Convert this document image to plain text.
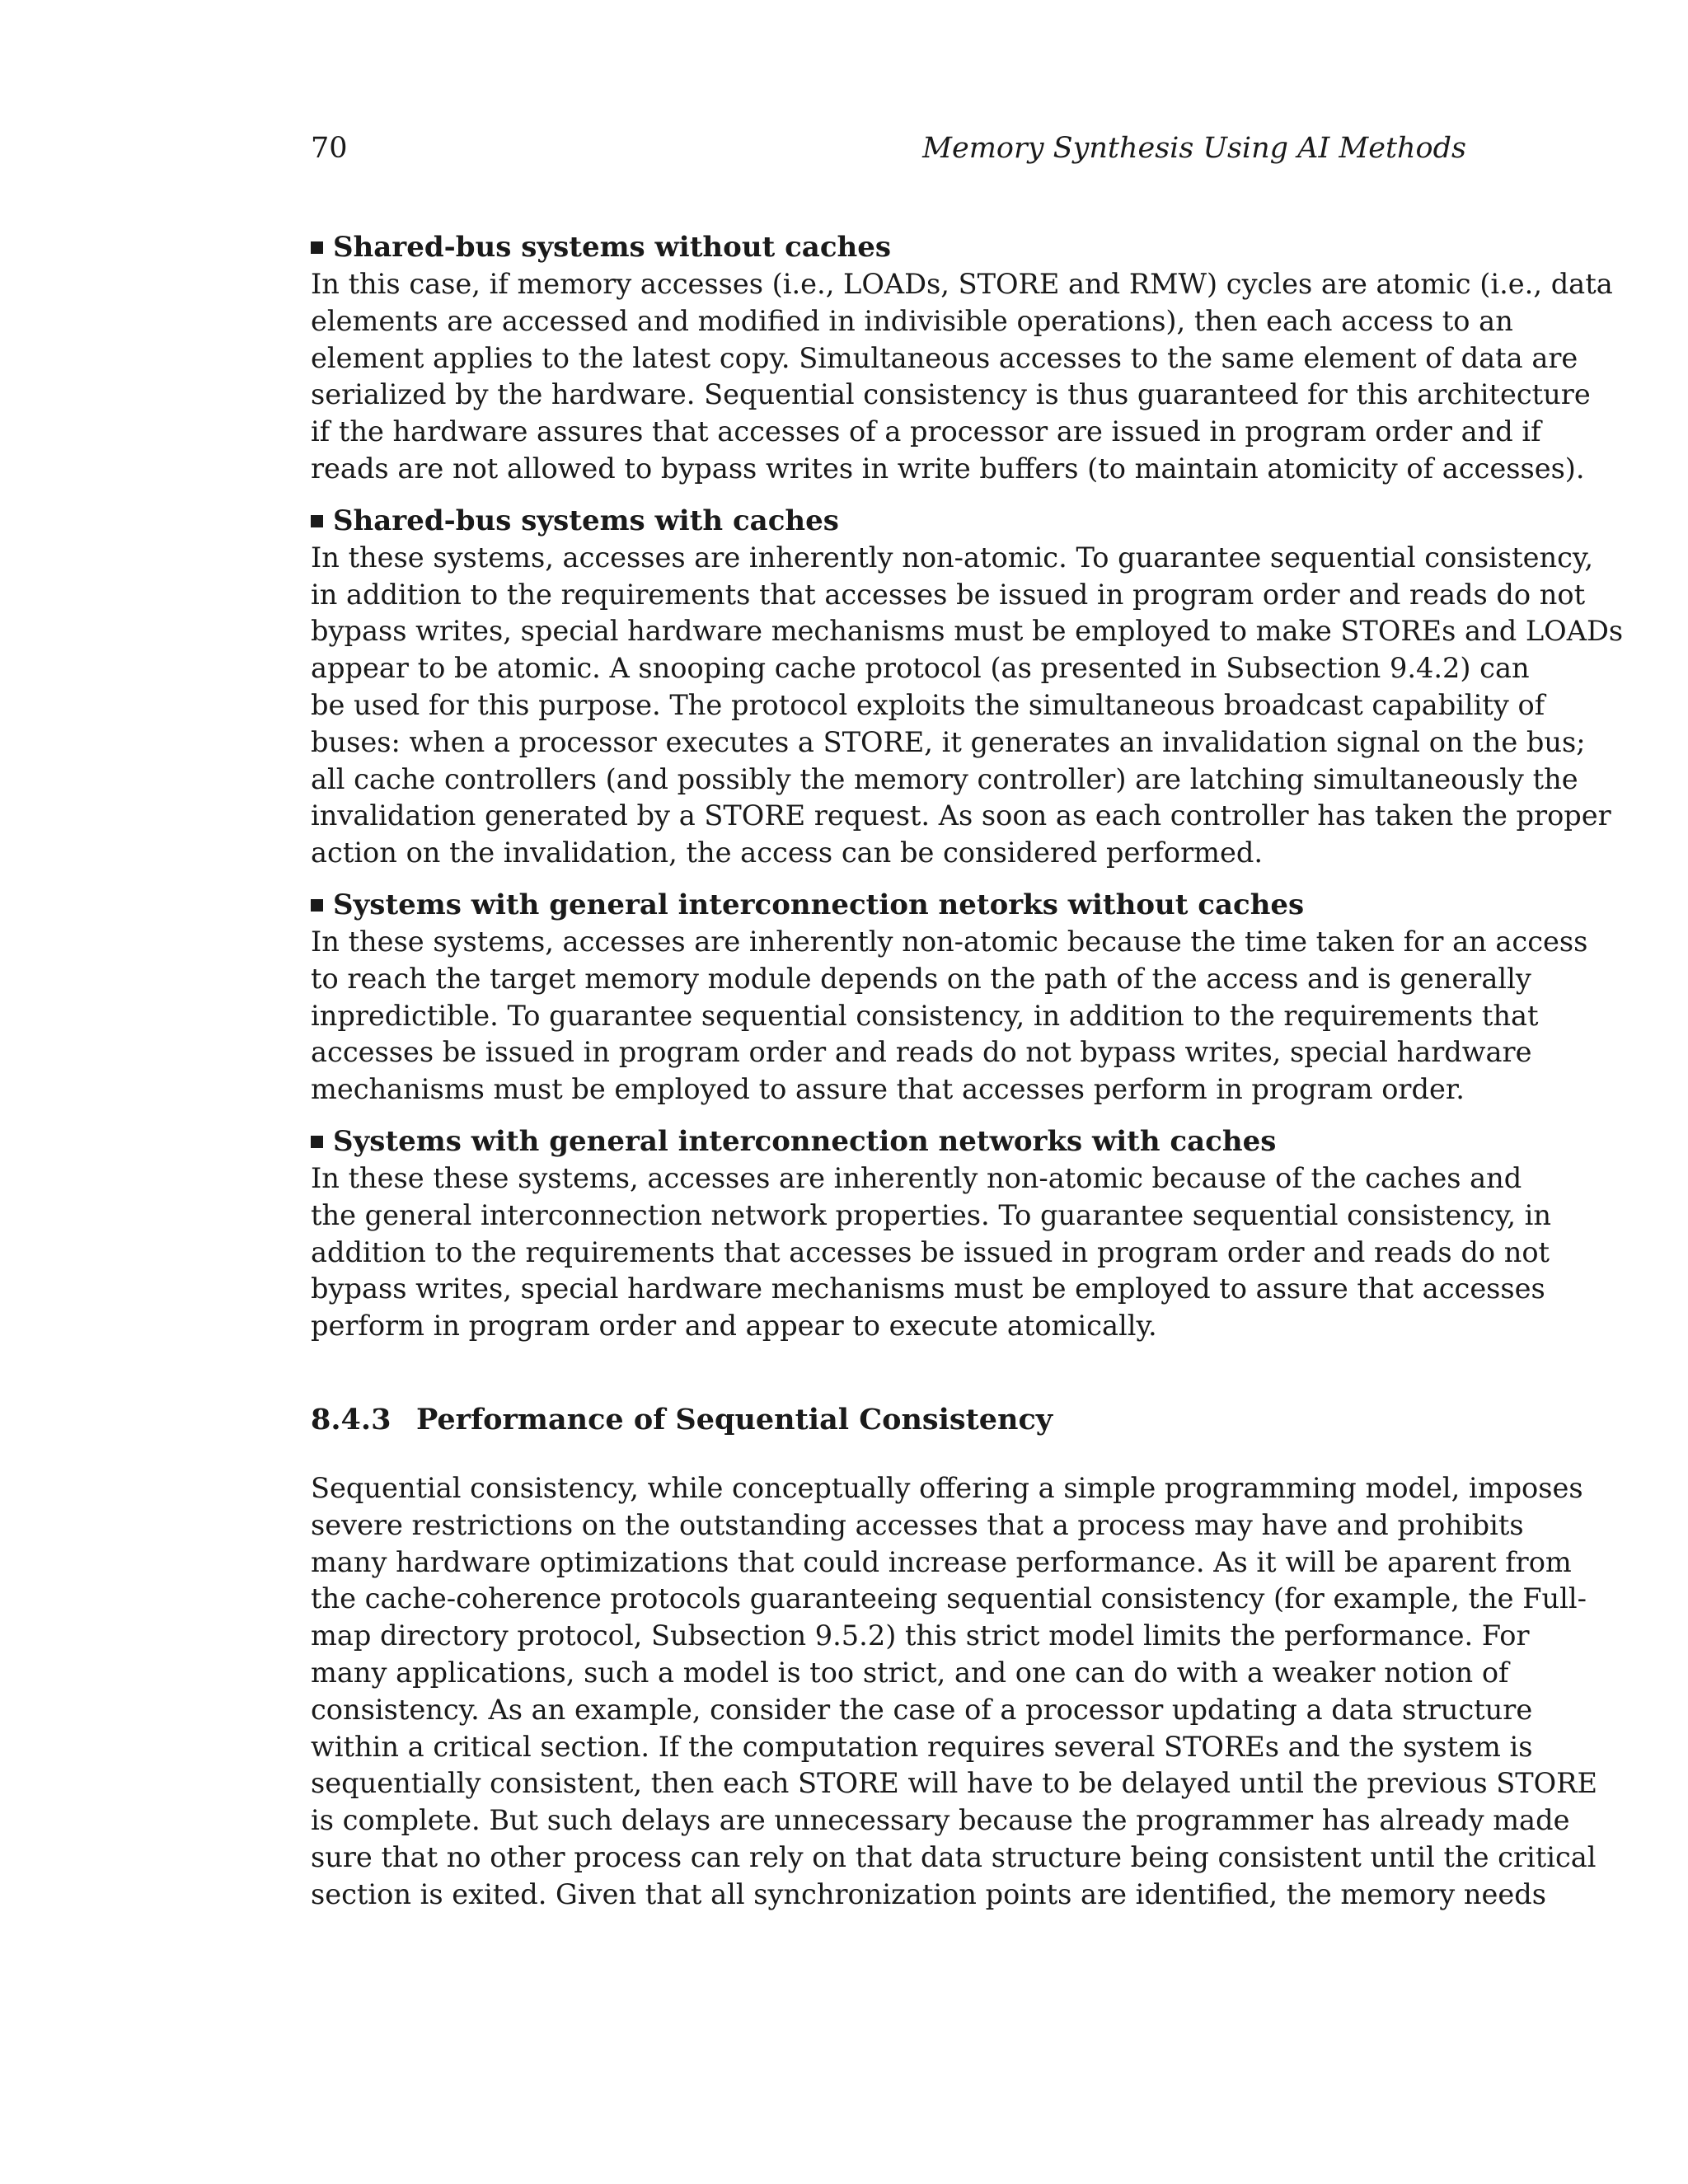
70	Memory Synthesis Using AI Methods
Shared-bus systems without caches
In this case, if memory accesses (i.e., LOADs, STORE and RMW) cycles are atomic (i.e., data
elements are accessed and modified in indivisible operations), then each access to an
element applies to the latest copy. Simultaneous accesses to the same element of data are
serialized by the hardware. Sequential consistency is thus guaranteed for this architecture
if the hardware assures that accesses of a processor are issued in program order and if
reads are not allowed to bypass writes in write buffers (to maintain atomicity of accesses).
Shared-bus systems with caches
In these systems, accesses are inherently non-atomic. To guarantee sequential consistency,
in addition to the requirements that accesses be issued in program order and reads do not
bypass writes, special hardware mechanisms must be employed to make STOREs and LOADs
appear to be atomic. A snooping cache protocol (as presented in Subsection 9.4.2) can
be used for this purpose. The protocol exploits the simultaneous broadcast capability of
buses: when a processor executes a STORE, it generates an invalidation signal on the bus;
all cache controllers (and possibly the memory controller) are latching simultaneously the
invalidation generated by a STORE request. As soon as each controller has taken the proper
action on the invalidation, the access can be considered performed.
Systems with general interconnection netorks without caches
In these systems, accesses are inherently non-atomic because the time taken for an access
to reach the target memory module depends on the path of the access and is generally
inpredictible. To guarantee sequential consistency, in addition to the requirements that
accesses be issued in program order and reads do not bypass writes, special hardware
mechanisms must be employed to assure that accesses perform in program order.
Systems with general interconnection networks with caches
In these these systems, accesses are inherently non-atomic because of the caches and
the general interconnection network properties. To guarantee sequential consistency, in
addition to the requirements that accesses be issued in program order and reads do not
bypass writes, special hardware mechanisms must be employed to assure that accesses
perform in program order and appear to execute atomically.
8.4.3 Performance of Sequential Consistency
Sequential consistency, while conceptually offering a simple programming model, imposes
severe restrictions on the outstanding accesses that a process may have and prohibits
many hardware optimizations that could increase performance. As it will be aparent from
the cache-coherence protocols guaranteeing sequential consistency (for example, the Full-
map directory protocol, Subsection 9.5.2) this strict model limits the performance. For
many applications, such a model is too strict, and one can do with a weaker notion of
consistency. As an example, consider the case of a processor updating a data structure
within a critical section. If the computation requires several STOREs and the system is
sequentially consistent, then each STORE will have to be delayed until the previous STORE
is complete. But such delays are unnecessary because the programmer has already made
sure that no other process can rely on that data structure being consistent until the critical
section is exited. Given that all synchronization points are identified, the memory needs
